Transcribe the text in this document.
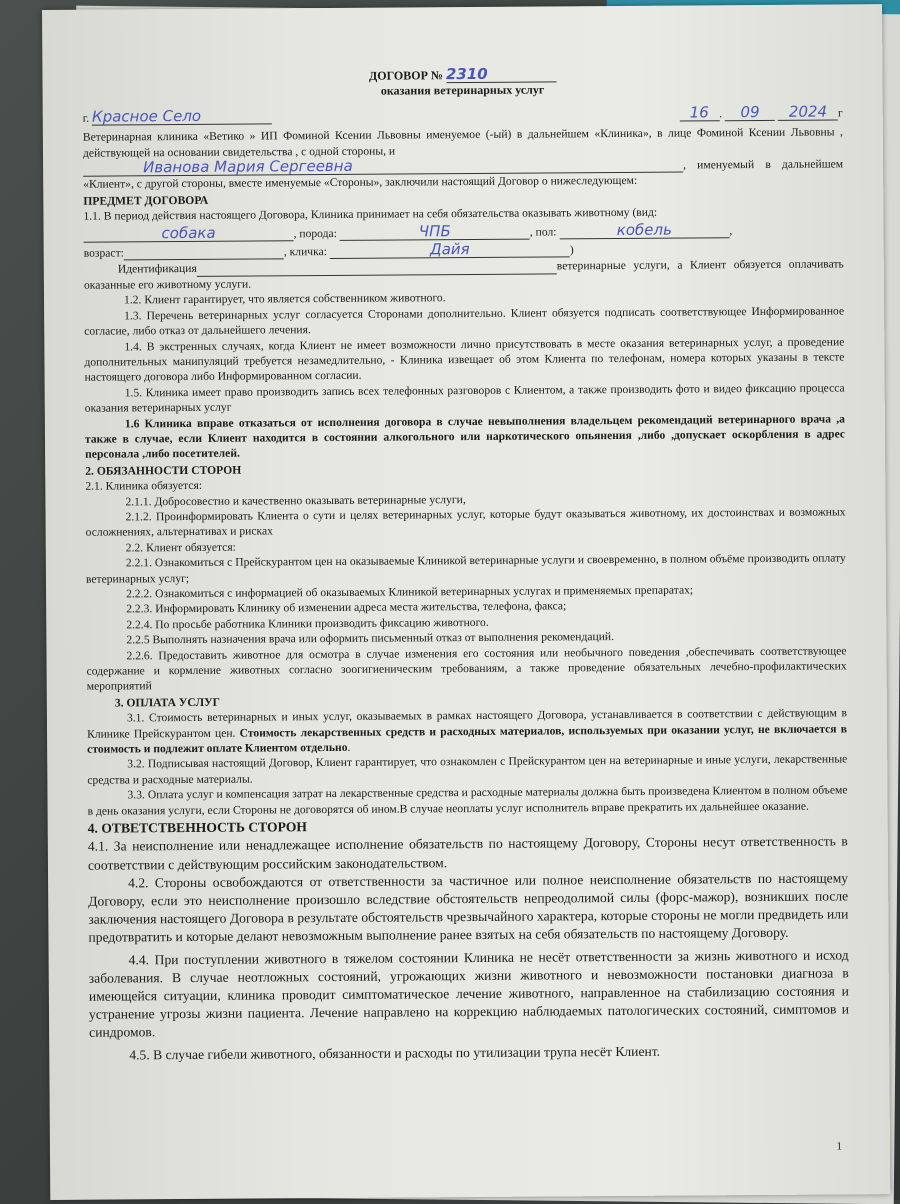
ДОГОВОР № 2310
оказания ветеринарных услуг
г. Красное Село	16 . 09 2024 г

Ветеринарная клиника «Ветико » ИП Фоминой Ксении Львовны именуемое (-ый) в дальнейшем «Клиника», в лице Фоминой Ксении Львовны , действующей на основании свидетельства , с одной стороны, и

Иванова Мария Сергеевна	, именуемый в дальнейшем «Клиент», с другой стороны, вместе именуемые «Стороны», заключили настоящий Договор о нижеследующем:

ПРЕДМЕТ ДОГОВОРА

1.1. В период действия настоящего Договора, Клиника принимает на себя обязательства оказывать животному (вид:

собака	, порода:	ЧПБ	, пол:	кобель	,

возраст:	, кличка:	Дайя	)

Идентификация	ветеринарные услуги, а Клиент обязуется оплачивать оказанные его животному услуги.

1.2. Клиент гарантирует, что является собственником животного.

1.3. Перечень ветеринарных услуг согласуется Сторонами дополнительно. Клиент обязуется подписать соответствующее Информированное согласие, либо отказ от дальнейшего лечения.

1.4. В экстренных случаях, когда Клиент не имеет возможности лично присутствовать в месте оказания ветеринарных услуг, а проведение дополнительных манипуляций требуется незамедлительно, - Клиника извещает об этом Клиента по телефонам, номера которых указаны в тексте настоящего договора либо Информированном согласии.

1.5. Клиника имеет право производить запись всех телефонных разговоров с Клиентом, а также производить фото и видео фиксацию процесса оказания ветеринарных услуг

1.6 Клиника вправе отказаться от исполнения договора в случае невыполнения владельцем рекомендаций ветеринарного врача ,а также в случае, если Клиент находится в состоянии алкогольного или наркотического опьянения ,либо ,допускает оскорбления в адрес персонала ,либо посетителей.

2. ОБЯЗАННОСТИ СТОРОН

2.1. Клиника обязуется:

2.1.1. Добросовестно и качественно оказывать ветеринарные услуги,

2.1.2. Проинформировать Клиента о сути и целях ветеринарных услуг, которые будут оказываться животному, их достоинствах и возможных осложнениях, альтернативах и рисках

2.2. Клиент обязуется:

2.2.1. Ознакомиться с Прейскурантом цен на оказываемые Клиникой ветеринарные услуги и своевременно, в полном объёме производить оплату ветеринарных услуг;

2.2.2. Ознакомиться с информацией об оказываемых Клиникой ветеринарных услугах и применяемых препаратах;

2.2.3. Информировать Клинику об изменении адреса места жительства, телефона, факса;

2.2.4. По просьбе работника Клиники производить фиксацию животного.

2.2.5 Выполнять назначения врача или оформить письменный отказ от выполнения рекомендаций.

2.2.6. Предоставить животное для осмотра в случае изменения его состояния или необычного поведения ,обеспечивать соответствующее содержание и кормление животных согласно зоогигиеническим требованиям, а также проведение обязательных лечебно-профилактических мероприятий

3. ОПЛАТА УСЛУГ

3.1. Стоимость ветеринарных и иных услуг, оказываемых в рамках настоящего Договора, устанавливается в соответствии с действующим в Клинике Прейскурантом цен. Стоимость лекарственных средств и расходных материалов, используемых при оказании услуг, не включается в стоимость и подлежит оплате Клиентом отдельно.

3.2. Подписывая настоящий Договор, Клиент гарантирует, что ознакомлен с Прейскурантом цен на ветеринарные и иные услуги, лекарственные средства и расходные материалы.

3.3. Оплата услуг и компенсация затрат на лекарственные средства и расходные материалы должна быть произведена Клиентом в полном объеме в день оказания услуги, если Стороны не договорятся об ином.В случае неоплаты услуг исполнитель вправе прекратить их дальнейшее оказание.

4. ОТВЕТСТВЕННОСТЬ СТОРОН

4.1. За неисполнение или ненадлежащее исполнение обязательств по настоящему Договору, Стороны несут ответственность в соответствии с действующим российским законодательством.

4.2. Стороны освобождаются от ответственности за частичное или полное неисполнение обязательств по настоящему Договору, если это неисполнение произошло вследствие обстоятельств непреодолимой силы (форс-мажор), возникших после заключения настоящего Договора в результате обстоятельств чрезвычайного характера, которые стороны не могли предвидеть или предотвратить и которые делают невозможным выполнение ранее взятых на себя обязательств по настоящему Договору.

4.4. При поступлении животного в тяжелом состоянии Клиника не несёт ответственности за жизнь животного и исход заболевания. В случае неотложных состояний, угрожающих жизни животного и невозможности постановки диагноза в имеющейся ситуации, клиника проводит симптоматическое лечение животного, направленное на стабилизацию состояния и устранение угрозы жизни пациента. Лечение направлено на коррекцию наблюдаемых патологических состояний, симптомов и синдромов.

4.5. В случае гибели животного, обязанности и расходы по утилизации трупа несёт Клиент.

1
